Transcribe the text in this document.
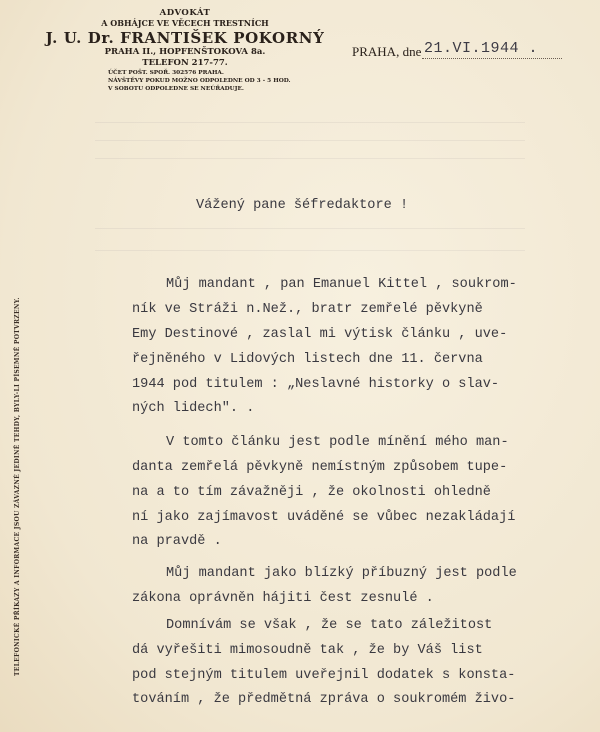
ADVOKÁT
A OBHÁJCE VE VĚCECH TRESTNÍCH
J. U. Dr. FRANTIŠEK POKORNÝ
PRAHA II., HOPFENŠTOKOVA 8a.
TELEFON 217-77.
ÚČET POŠT. SPOŘ. 302576 PRAHA.
NÁVŠTĚVY POKUD MOŽNO ODPOLEDNE OD 3 - 5 HOD.
V SOBOTU ODPOLEDNE SE NEÚŘADUJE.
PRAHA, dne 21.VI.1944 .
TELEFONICKÉ PŘÍKAZY A INFORMACE JSOU ZÁVAZNÉ JEDINĚ TEHDY, BYLY-LI PÍSEMNĚ POTVRZENY.
Vážený pane šéfredaktore !
Můj mandant , pan Emanuel Kittel , soukrom-
ník ve Stráži n.Než., bratr zemřelé pěvkyně
Emy Destinové , zaslal mi výtisk článku , uve-
řejněného v Lidových listech dne 11. června
1944 pod titulem : „Neslavné historky o slav-
ných lidech". .
V tomto článku jest podle mínění mého man-
danta zemřelá pěvkyně nemístným způsobem tupe-
na a to tím závažněji , že okolnosti ohledně
ní jako zajímavost uváděné se vůbec nezakládají
na pravdě .
Můj mandant jako blízký příbuzný jest podle
zákona oprávněn hájiti čest zesnulé .
Domnívám se však , že se tato záležitost
dá vyřešiti mimosoudně tak , že by Váš list
pod stejným titulem uveřejnil dodatek s konsta-
továním , že předmětná zpráva o soukromém živo-
